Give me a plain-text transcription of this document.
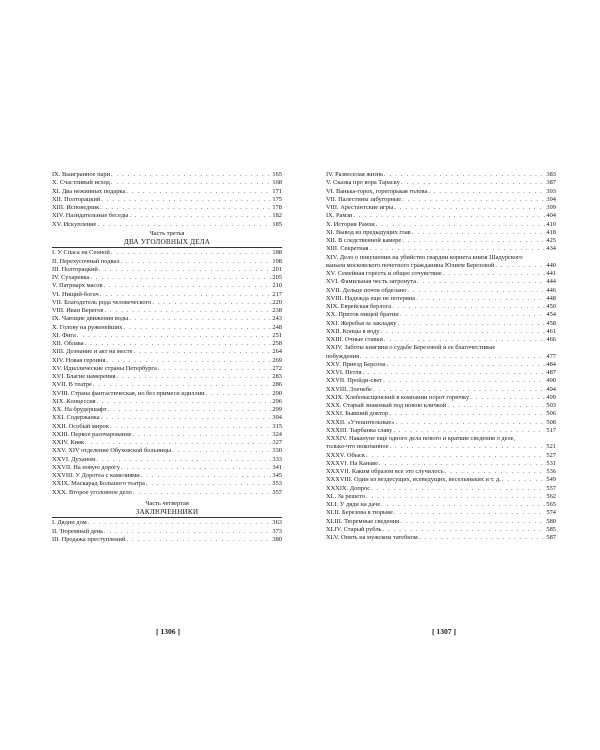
IX. Выигранное пари . . .	165
X. Счастливый исход . . .	168
XI. Два нежинных подарка . . .	171
XII. Полторацкий . . .	175
XIII. Исповедник . . .	178
XIV. Назидательные беседы . . .	182
XV. Искупление . . .	185
Часть третья
ДВА УГОЛОВНЫХ ДЕЛА
I. У Спаса на Сенной . . .	188
II. Перехусочный подвал . . .	198
III. Полторацкий . . .	201
IV. Сухаревка . . .	205
V. Патриарх масов . . .	210
VI. Нищий-богач . . .	217
VII. Благодетель рода человеческого . . .	220
VIII. Иван Верегов . . .	238
IX. Чающие движения воды . . .	243
X. Голову на руженейших . . .	248
XI. Фига . . .	251
XII. Облава . . .	258
XIII. Дознание и акт на месте . . .	264
XIV. Новая героиня . . .	269
XV. Идиллические страны Петербурга . . .	272
XVI. Благие намерения . . .	283
XVII. В театре . . .	286
XVIII. Страна фантастическая, но без примеси идиллии . . .	290
XIX. Концессия . . .	296
XX. На брудершафт . . .	299
XXI. Содержанка . . .	304
XXII. Особый мирок . . .	315
XXIII. Первое разочарование . . .	324
XXIV. Кияк . . .	327
XXV. XIV отделение Обуховской больницы . . .	330
XXVI. Духаном . . .	333
XXVII. На новую дорогу . . .	341
XXVIII. У Доротеа с камелиями . . .	345
XXIX. Маскарад Большого театра . . .	353
XXX. Второе уголовное дело . . .	357
Часть четвертая
ЗАКЛЮЧЕННИКИ
I. Дядин дом . . .	363
II. Тюремный день . . .	373
III. Продажа преступлений . . .	380
IV. Развеселая жизнь . . .	383
V. Сказка про вора Тараску . . .	387
VI. Ванька-горох, горегорькая голова . . .	393
VII. Палестины забугорные . . .	394
VIII. Арестантские игры . . .	399
IX. Рамзи . . .	404
X. История Рамзи . . .	410
XI. Вывод из предыдущих глав . . .	418
XII. В следственной камере . . .	425
XIII. Секретная . . .	434
XIV. Дело о покушении на убийство гвардии корнета князя Шадурского
ваньем московского почетного гражданина Юлием Березовой . . .	440
XV. Семейная горесть и общее сочувствие . . .	441
XVI. Фамильная честь затронута . . .	444
XVII. Дельце почти обделано . . .	446
XVIII. Надежда еще не потеряна . . .	448
XIX. Еврейская берлога . . .	450
XX. Приток нищей братии . . .	454
XXI. Жеребья за закладку . . .	458
XXII. Концы в воду . . .	461
XXIII. Очные ставки . . .	466
XXIV. Заботы княгини о судьбе Березовой и ее благочестивые
побуждения . . .	477
XXV. Приезд Берсона . . .	484
XXVI. Петля . . .	487
XXVII. Пройди-свет . . .	490
XXVIII. Эленебе . . .	494
XXIX. Хлебовасщенский в компании порот горючку . . .	499
XXX. Старый знакомый под новою кличкой . . .	503
XXXI. Бывший доктор . . .	506
XXXII. «Утешительные» . . .	508
XXXIII. Тырбанка славу . . .	517
XXXIV. Накануне еще одного дела нового и краткие сведения о деле,
только-что покопанное . . .	521
XXXV. Обыск . . .	527
XXXVI. На Канаве . . .	531
XXXVII. Каким образом все это случилось . . .	536
XXXVIII. Один из вездесущих, всеведущих, веселыньких и т. д. . . .	549
XXXIX. Допрос . . .	557
XL. За решето . . .	562
XLI. У дяди на даче . . .	565
XLII. Березова в тюрьме . . .	574
XLIII. Тюремные сведения . . .	580
XLIV. Старый рубль . . .	585
XLV. Опять на мужском татебном . . .	587
[ 1306 ]	[ 1307 ]
